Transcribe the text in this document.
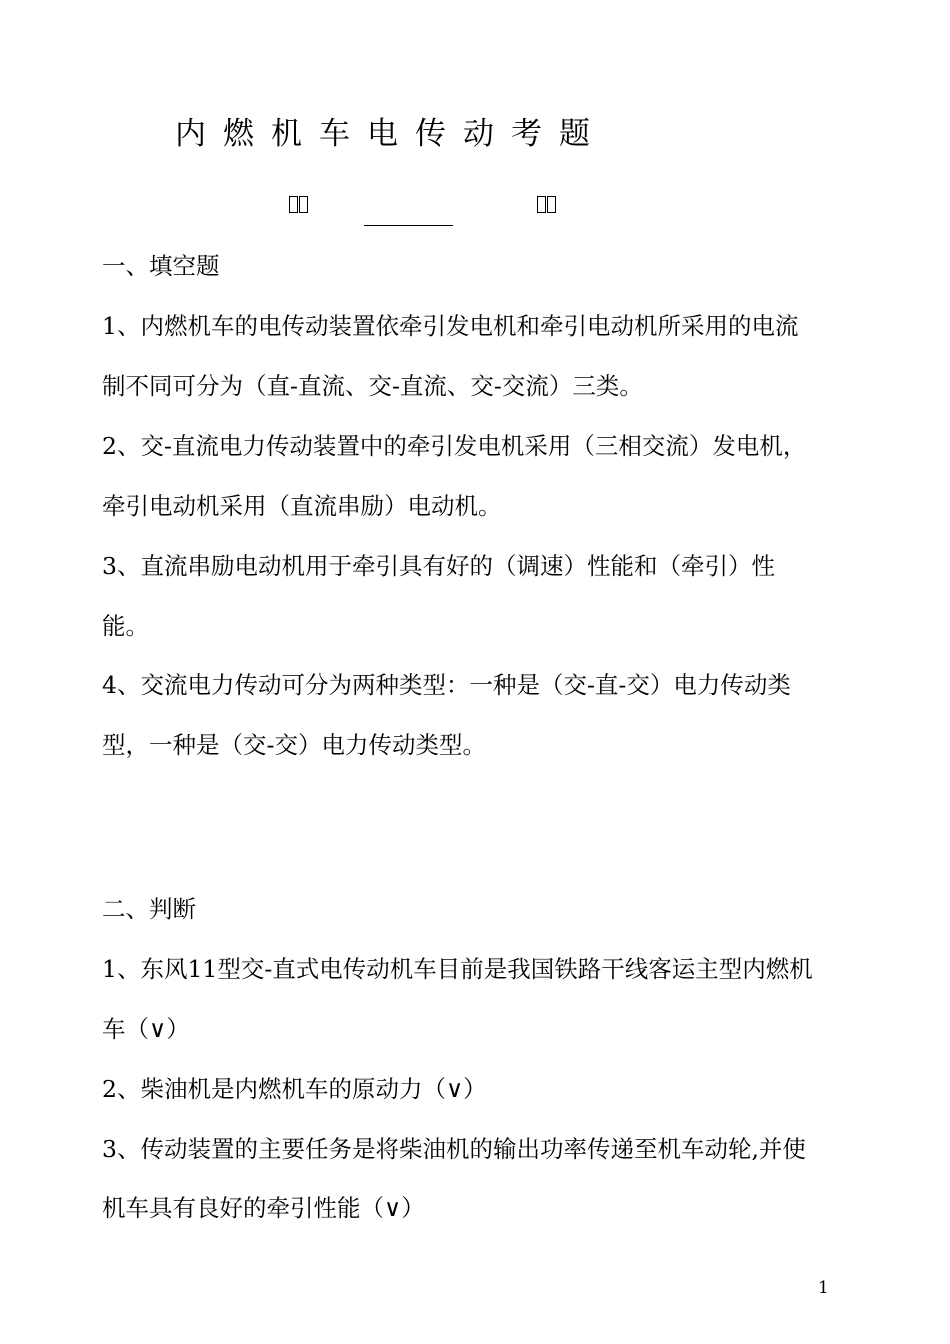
内燃机车电传动考题
一、填空题
1、内燃机车的电传动装置依牵引发电机和牵引电动机所采用的电流
制不同可分为（直-直流、交-直流、交-交流）三类。
2、交-直流电力传动装置中的牵引发电机采用（三相交流）发电机，
牵引电动机采用（直流串励）电动机。
3、直流串励电动机用于牵引具有好的（调速）性能和（牵引）性
能。
4、交流电力传动可分为两种类型：一种是（交-直-交）电力传动类
型，一种是（交-交）电力传动类型。
二、判断
1、东风11型交-直式电传动机车目前是我国铁路干线客运主型内燃机
车（∨）
2、柴油机是内燃机车的原动力（∨）
3、传动装置的主要任务是将柴油机的输出功率传递至机车动轮,并使
机车具有良好的牵引性能（∨）
1
